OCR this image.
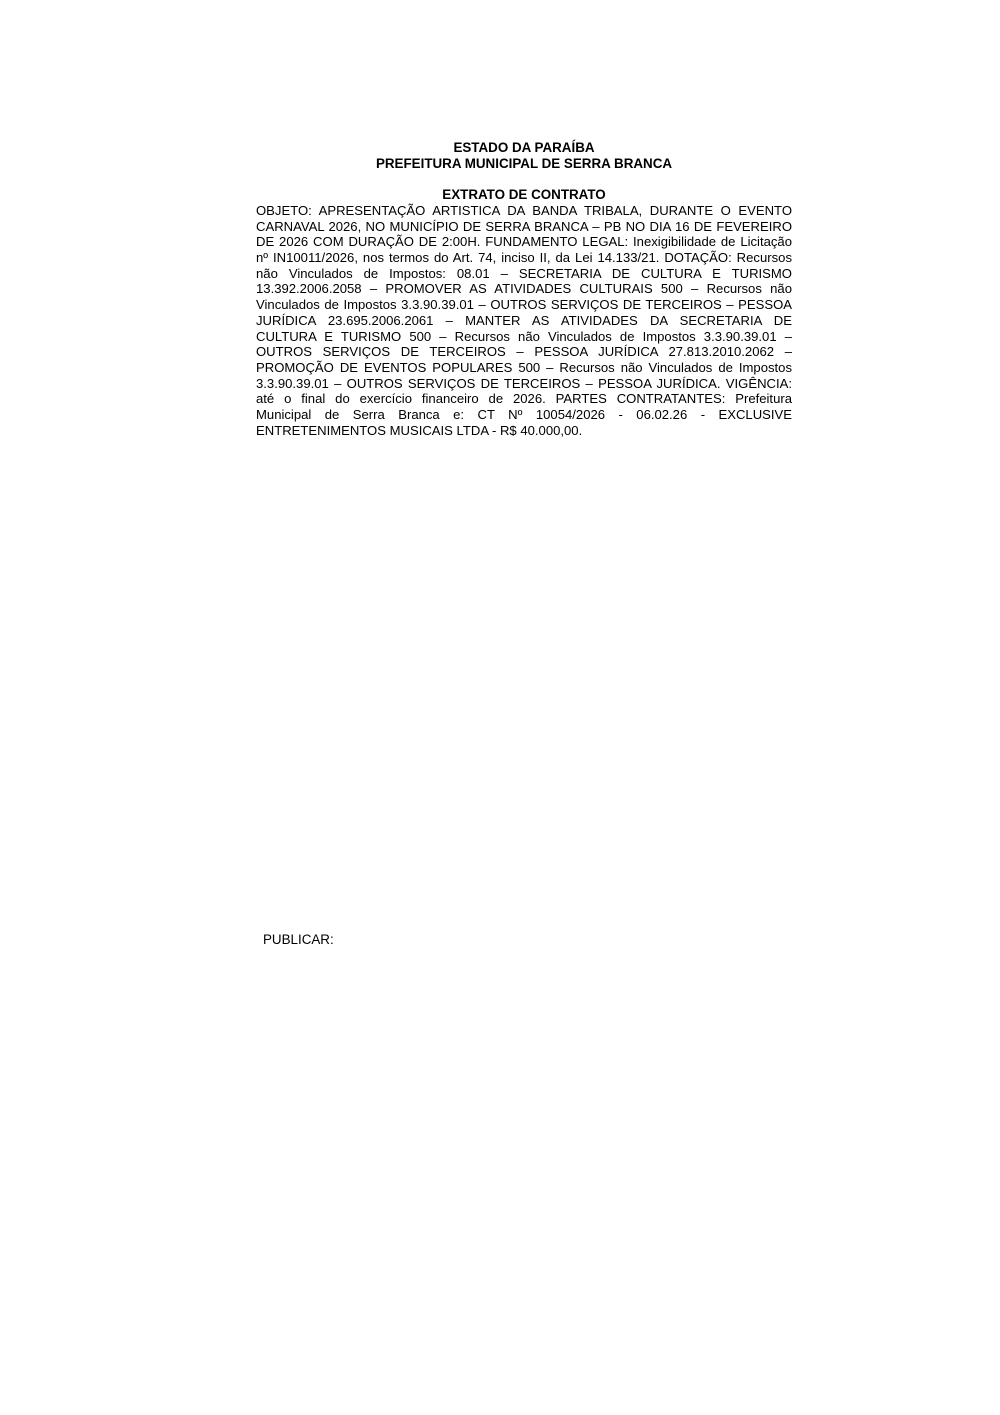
ESTADO DA PARAÍBA
PREFEITURA MUNICIPAL DE SERRA BRANCA
EXTRATO DE CONTRATO
OBJETO: APRESENTAÇÃO ARTISTICA DA BANDA TRIBALA, DURANTE O EVENTO
CARNAVAL 2026, NO MUNICÍPIO DE SERRA BRANCA – PB NO DIA 16 DE FEVEREIRO
DE 2026 COM DURAÇÃO DE 2:00H. FUNDAMENTO LEGAL: Inexigibilidade de Licitação
nº IN10011/2026, nos termos do Art. 74, inciso II, da Lei 14.133/21. DOTAÇÃO: Recursos
não Vinculados de Impostos: 08.01 – SECRETARIA DE CULTURA E TURISMO
13.392.2006.2058 – PROMOVER AS ATIVIDADES CULTURAIS 500 – Recursos não
Vinculados de Impostos 3.3.90.39.01 – OUTROS SERVIÇOS DE TERCEIROS – PESSOA
JURÍDICA 23.695.2006.2061 – MANTER AS ATIVIDADES DA SECRETARIA DE
CULTURA E TURISMO 500 – Recursos não Vinculados de Impostos 3.3.90.39.01 –
OUTROS SERVIÇOS DE TERCEIROS – PESSOA JURÍDICA 27.813.2010.2062 –
PROMOÇÃO DE EVENTOS POPULARES 500 – Recursos não Vinculados de Impostos
3.3.90.39.01 – OUTROS SERVIÇOS DE TERCEIROS – PESSOA JURÍDICA. VIGÊNCIA:
até o final do exercício financeiro de 2026. PARTES CONTRATANTES: Prefeitura
Municipal de Serra Branca e: CT Nº 10054/2026 - 06.02.26 - EXCLUSIVE
ENTRETENIMENTOS MUSICAIS LTDA - R$ 40.000,00.
PUBLICAR:
